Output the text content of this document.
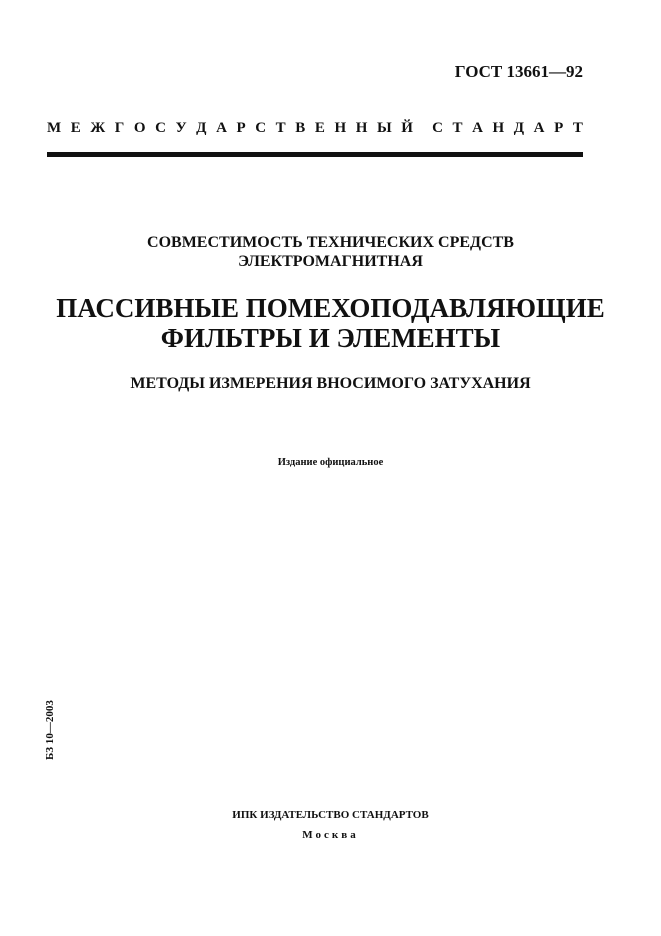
ГОСТ 13661—92
М Е Ж Г О С У Д А Р С Т В Е Н Н Ы Й С Т А Н Д А Р Т
СОВМЕСТИМОСТЬ ТЕХНИЧЕСКИХ СРЕДСТВ
ЭЛЕКТРОМАГНИТНАЯ
ПАССИВНЫЕ ПОМЕХОПОДАВЛЯЮЩИЕ
ФИЛЬТРЫ И ЭЛЕМЕНТЫ
МЕТОДЫ ИЗМЕРЕНИЯ ВНОСИМОГО ЗАТУХАНИЯ
Издание официальное
БЗ 10—2003
ИПК ИЗДАТЕЛЬСТВО СТАНДАРТОВ
Москва
